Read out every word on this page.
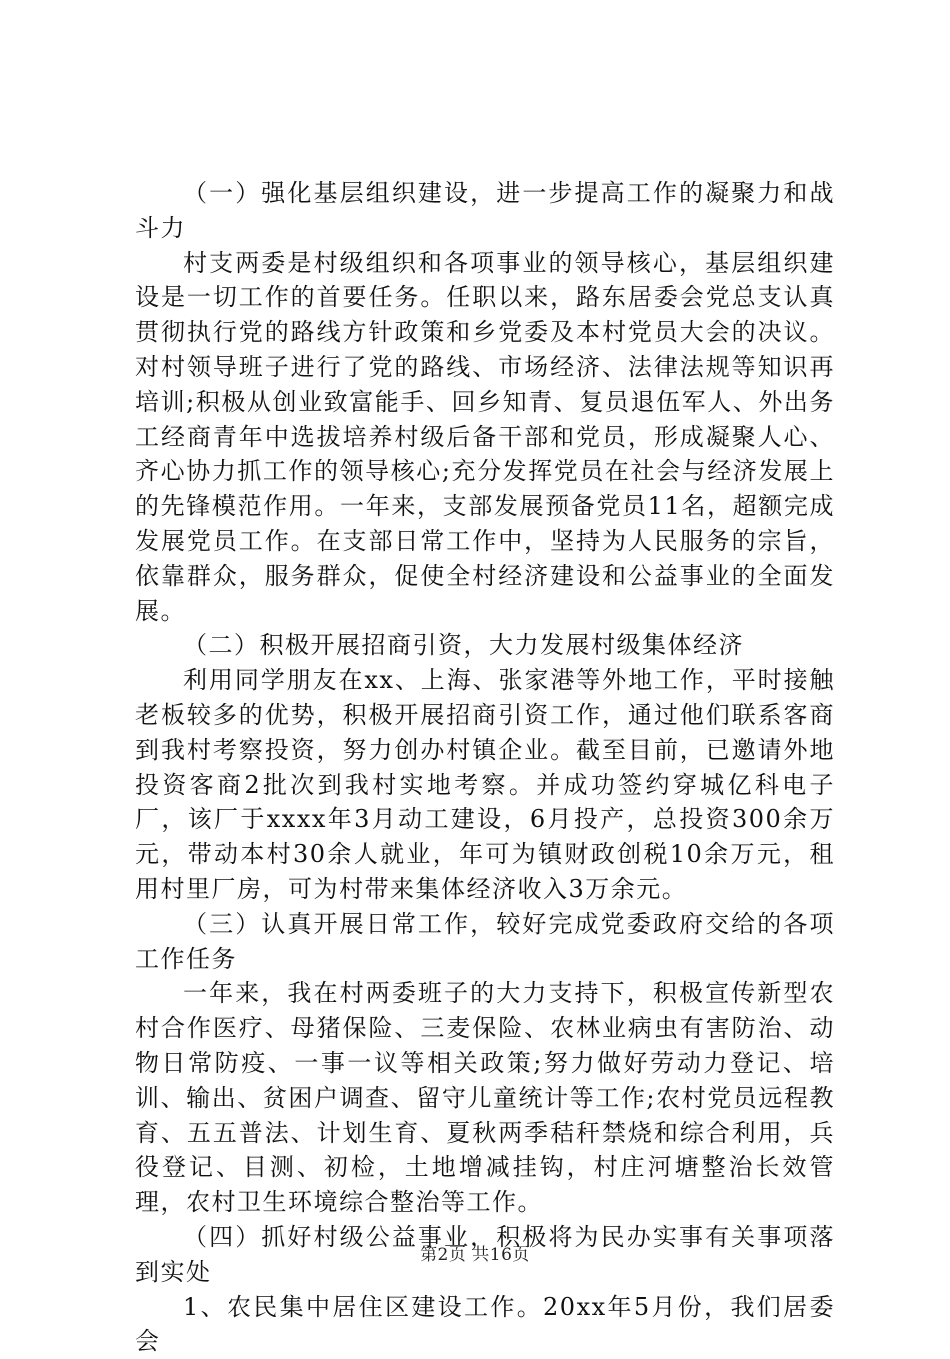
（一）强化基层组织建设，进一步提高工作的凝聚力和战斗力

村支两委是村级组织和各项事业的领导核心，基层组织建设是一切工作的首要任务。任职以来，路东居委会党总支认真贯彻执行党的路线方针政策和乡党委及本村党员大会的决议。对村领导班子进行了党的路线、市场经济、法律法规等知识再培训;积极从创业致富能手、回乡知青、复员退伍军人、外出务工经商青年中选拔培养村级后备干部和党员，形成凝聚人心、齐心协力抓工作的领导核心;充分发挥党员在社会与经济发展上的先锋模范作用。一年来，支部发展预备党员11名，超额完成发展党员工作。在支部日常工作中，坚持为人民服务的宗旨，依靠群众，服务群众，促使全村经济建设和公益事业的全面发展。

（二）积极开展招商引资，大力发展村级集体经济

利用同学朋友在xx、上海、张家港等外地工作，平时接触老板较多的优势，积极开展招商引资工作，通过他们联系客商到我村考察投资，努力创办村镇企业。截至目前，已邀请外地投资客商2批次到我村实地考察。并成功签约穿城亿科电子厂，该厂于xxxx年3月动工建设，6月投产，总投资300余万元，带动本村30余人就业，年可为镇财政创税10余万元，租用村里厂房，可为村带来集体经济收入3万余元。

（三）认真开展日常工作，较好完成党委政府交给的各项工作任务

一年来，我在村两委班子的大力支持下，积极宣传新型农村合作医疗、母猪保险、三麦保险、农林业病虫有害防治、动物日常防疫、一事一议等相关政策;努力做好劳动力登记、培训、输出、贫困户调查、留守儿童统计等工作;农村党员远程教育、五五普法、计划生育、夏秋两季秸秆禁烧和综合利用，兵役登记、目测、初检，土地增减挂钩，村庄河塘整治长效管理，农村卫生环境综合整治等工作。

（四）抓好村级公益事业，积极将为民办实事有关事项落到实处

1、农民集中居住区建设工作。20xx年5月份，我们居委会

第2页 共16页
